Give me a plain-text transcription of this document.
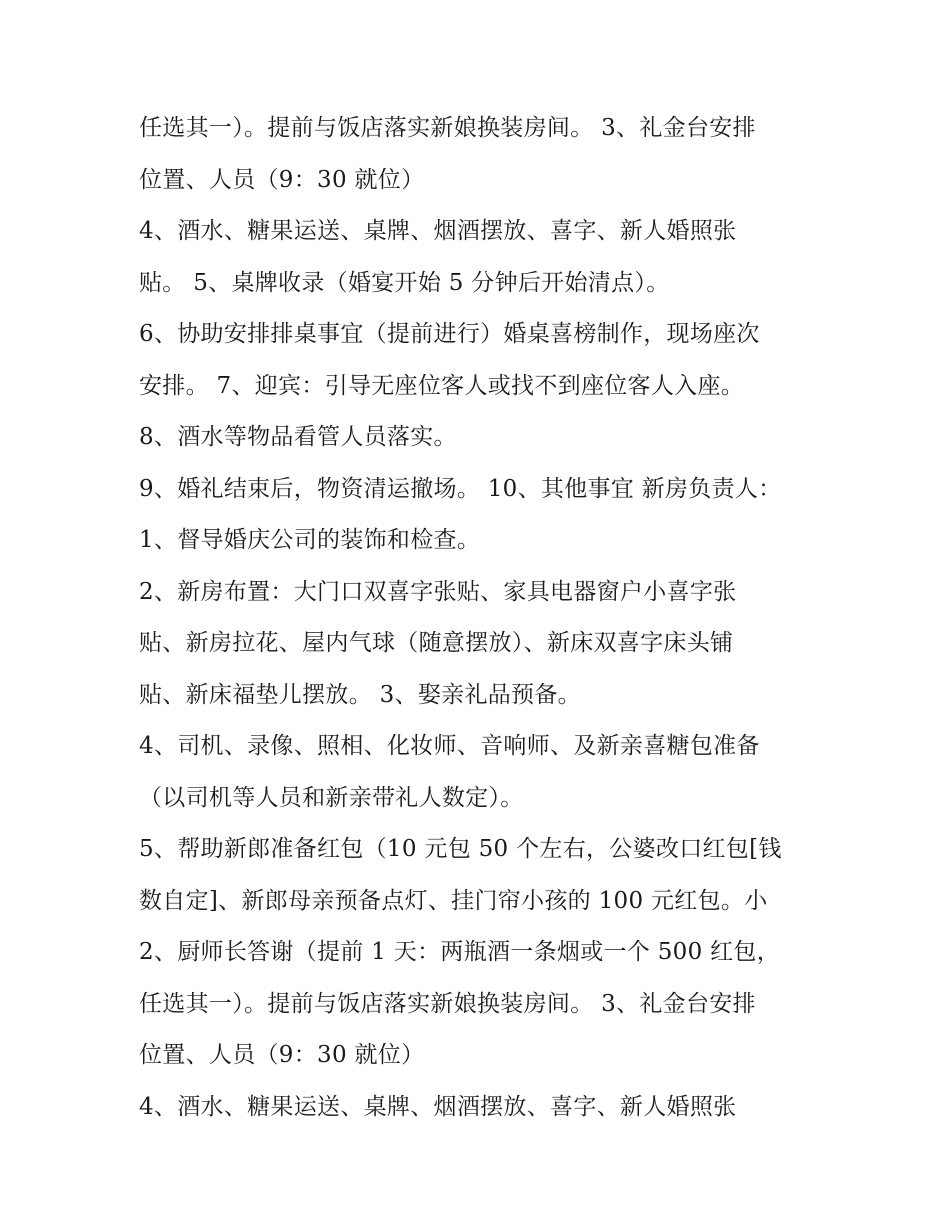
任选其一）。提前与饭店落实新娘换装房间。 3、礼金台安排
位置、人员（9：30 就位）
4、酒水、糖果运送、桌牌、烟酒摆放、喜字、新人婚照张
贴。 5、桌牌收录（婚宴开始 5 分钟后开始清点）。
6、协助安排排桌事宜（提前进行）婚桌喜榜制作，现场座次
安排。 7、迎宾：引导无座位客人或找不到座位客人入座。
8、酒水等物品看管人员落实。
9、婚礼结束后，物资清运撤场。 10、其他事宜 新房负责人：
1、督导婚庆公司的装饰和检查。
2、新房布置：大门口双喜字张贴、家具电器窗户小喜字张
贴、新房拉花、屋内气球（随意摆放）、新床双喜字床头铺
贴、新床福垫儿摆放。 3、娶亲礼品预备。
4、司机、录像、照相、化妆师、音响师、及新亲喜糖包准备
（以司机等人员和新亲带礼人数定）。
5、帮助新郎准备红包（10 元包 50 个左右，公婆改口红包[钱
数自定]、新郎母亲预备点灯、挂门帘小孩的 100 元红包。小
2、厨师长答谢（提前 1 天：两瓶酒一条烟或一个 500 红包，
任选其一）。提前与饭店落实新娘换装房间。 3、礼金台安排
位置、人员（9：30 就位）
4、酒水、糖果运送、桌牌、烟酒摆放、喜字、新人婚照张
